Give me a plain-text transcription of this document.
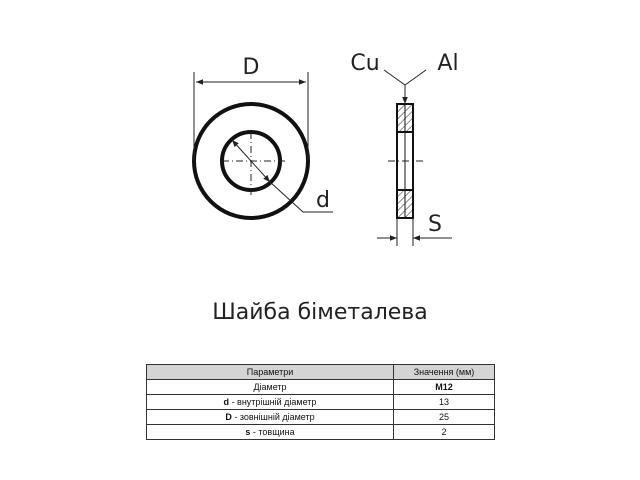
D
d
Cu	Al
S
Шайба біметалева
Параметри	Значення (мм)
Діаметр	M12
d - внутрішній діаметр	13
D - зовнішній діаметр	25
s - товщина	2
